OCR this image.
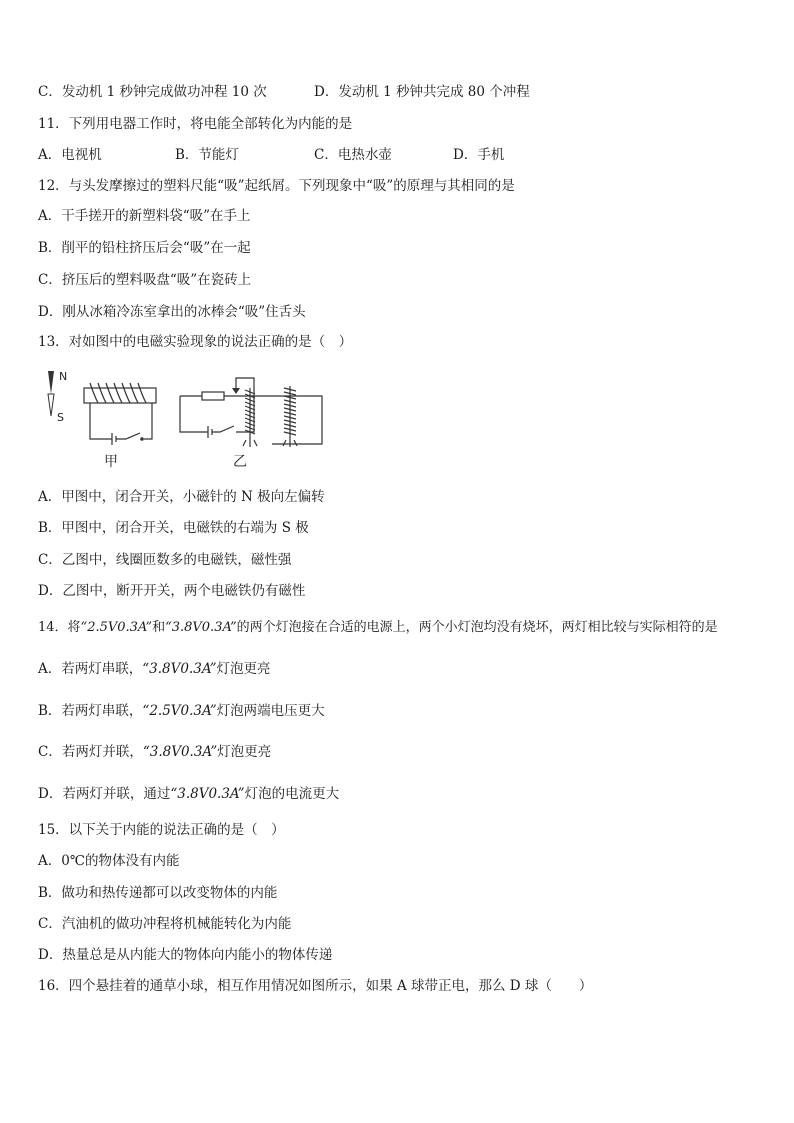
C．发动机 1 秒钟完成做功冲程 10 次	D．发动机 1 秒钟共完成 80 个冲程
11．下列用电器工作时，将电能全部转化为内能的是
A．电视机	B．节能灯	C．电热水壶	D．手机
12．与头发摩擦过的塑料尺能“吸”起纸屑。下列现象中“吸”的原理与其相同的是
A．干手搓开的新塑料袋“吸”在手上
B．削平的铅柱挤压后会“吸”在一起
C．挤压后的塑料吸盘“吸”在瓷砖上
D．刚从冰箱冷冻室拿出的冰棒会“吸”住舌头
13．对如图中的电磁实验现象的说法正确的是（　）
N
S
甲	乙
A．甲图中，闭合开关，小磁针的 N 极向左偏转
B．甲图中，闭合开关，电磁铁的右端为 S 极
C．乙图中，线圈匝数多的电磁铁，磁性强
D．乙图中，断开开关，两个电磁铁仍有磁性
14．将“2.5V0.3A”和“3.8V0.3A”的两个灯泡接在合适的电源上，两个小灯泡均没有烧坏，两灯相比较与实际相符的是
A．若两灯串联，“3.8V0.3A”灯泡更亮
B．若两灯串联，“2.5V0.3A”灯泡两端电压更大
C．若两灯并联，“3.8V0.3A”灯泡更亮
D．若两灯并联，通过“3.8V0.3A”灯泡的电流更大
15．以下关于内能的说法正确的是（　）
A．0℃的物体没有内能
B．做功和热传递都可以改变物体的内能
C．汽油机的做功冲程将机械能转化为内能
D．热量总是从内能大的物体向内能小的物体传递
16．四个悬挂着的通草小球，相互作用情况如图所示，如果 A 球带正电，那么 D 球（　　）
